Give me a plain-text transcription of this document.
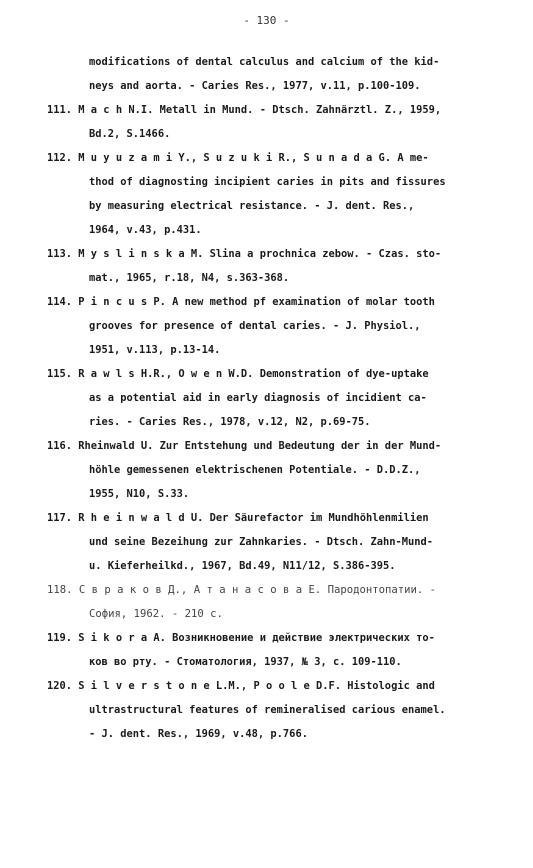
- 130 -
modifications of dental calculus and calcium of the kid-
neys and aorta. - Caries Res., 1977, v.11, p.100-109.
111. M a c h N.I. Metall in Mund. - Dtsch. Zahnärztl. Z., 1959,
Bd.2, S.1466.
112. M u y u z a m i Y., S u z u k i R., S u n a d a G. A me-
thod of diagnosting incipient caries in pits and fissures
by measuring electrical resistance. - J. dent. Res.,
1964, v.43, p.431.
113. M y s l i n s k a M. Slina a prochnica zebow. - Czas. sto-
mat., 1965, r.18, N4, s.363-368.
114. P i n c u s P. A new method pf examination of molar tooth
grooves for presence of dental caries. - J. Physiol.,
1951, v.113, p.13-14.
115. R a w l s H.R., O w e n W.D. Demonstration of dye-uptake
as a potential aid in early diagnosis of incidient ca-
ries. - Caries Res., 1978, v.12, N2, p.69-75.
116. Rheinwald U. Zur Entstehung und Bedeutung der in der Mund-
höhle gemessenen elektrischenen Potentiale. - D.D.Z.,
1955, N10, S.33.
117. R h e i n w a l d U. Der Säurefactor im Mundhöhlenmilien
und seine Bezeihung zur Zahnkaries. - Dtsch. Zahn-Mund-
u. Kieferheilkd., 1967, Bd.49, N11/12, S.386-395.
118. С в р а к о в Д., А т а н а с о в а Е. Пародонтопатии. -
София, 1962. - 210 с.
119. S i k o r a A. Возникновение и действие электрических то-
ков во рту. - Стоматология, 1937, № 3, с. 109-110.
120. S i l v e r s t o n e L.M., P o o l e D.F. Histologic and
ultrastructural features of remineralised carious enamel.
- J. dent. Res., 1969, v.48, p.766.
